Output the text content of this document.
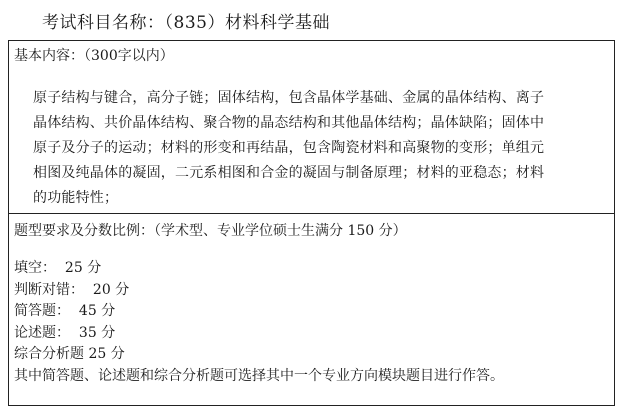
考试科目名称：（835）材料科学基础
基本内容：（300字以内）
原子结构与键合，高分子链；固体结构，包含晶体学基础、金属的晶体结构、离子
晶体结构、共价晶体结构、聚合物的晶态结构和其他晶体结构；晶体缺陷；固体中
原子及分子的运动；材料的形变和再结晶，包含陶瓷材料和高聚物的变形；单组元
相图及纯晶体的凝固，二元系相图和合金的凝固与制备原理；材料的亚稳态；材料
的功能特性；
题型要求及分数比例：（学术型、专业学位硕士生满分 150 分）
填空： 25 分
判断对错： 20 分
简答题： 45 分
论述题： 35 分
综合分析题 25 分
其中简答题、论述题和综合分析题可选择其中一个专业方向模块题目进行作答。
